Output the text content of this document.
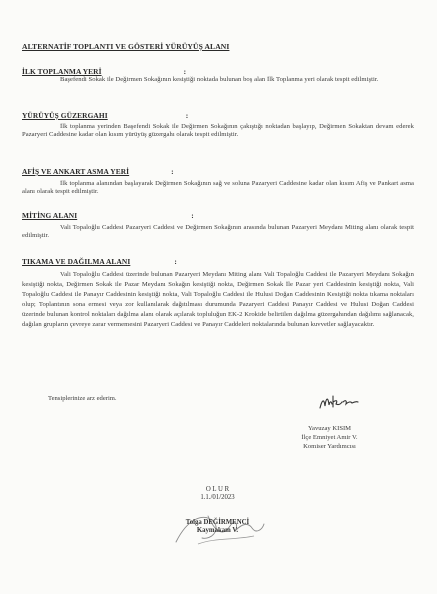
ALTERNATİF TOPLANTI VE GÖSTERİ YÜRÜYÜŞ ALANI
İLK TOPLANMA YERİ	:
Başefendi Sokak ile Değirmen Sokağının kesiştiği noktada bulunan boş alan İlk Toplanma yeri olarak tespit edilmiştir.
YÜRÜYÜŞ GÜZERGAHI	:
İlk toplanma yerinden Başefendi Sokak ile Değirmen Sokağının çakıştığı noktadan başlayıp, Değirmen Sokaktan devam ederek Pazaryeri Caddesine kadar olan kısım yürüyüş güzergahı olarak tespit edilmiştir.
AFİŞ VE ANKART ASMA YERİ	:
İlk toplanma alanından başlayarak Değirmen Sokağının sağ ve soluna Pazaryeri Caddesine kadar olan kısım Afiş ve Pankart asma alanı olarak tespit edilmiştir.
MİTİNG ALANI	:
Vali Topaloğlu Caddesi Pazaryeri Caddesi ve Değirmen Sokağının arasında bulunan Pazaryeri Meydanı Miting alanı olarak tespit edilmiştir.
TIKAMA VE DAĞILMA ALANI	:
Vali Topaloğlu Caddesi üzerinde bulunan Pazaryeri Meydanı Miting alanı Vali Topaloğlu Caddesi ile Pazaryeri Meydanı Sokağın kesiştiği nokta, Değirmen Sokak ile Pazar Meydanı Sokağın kesiştiği nokta, Değirmen Sokak İle Pazar yeri Caddesinin kesiştiği nokta, Vali Topaloğlu Caddesi ile Panayır Caddesinin kesiştiği nokta, Vali Topaloğlu Caddesi ile Hulusi Doğan Caddesinin Kesiştiği nokta tıkama noktaları olup; Toplantının sona ermesi veya zor kullanılarak dağıtılması durumunda Pazaryeri Caddesi Panayır Caddesi ve Hulusi Doğan Caddesi üzerinde bulunan kontrol noktaları dağılma alanı olarak açılarak topluluğun EK-2 Krokide belirtilen dağılma güzergahından dağılımı sağlanacak, dağılan grupların çevreye zarar vermemesini Pazaryeri Caddesi ve Panayır Caddeleri noktalarında bulunan kuvvetler sağlayacaktır.
Tensiplerinize arz ederim.
Yavuzay KISIM
İlçe Emniyet Amir V.
Komiser Yardımcısı
O L U R
1.1./01/2023
Tolga DEĞİRMENCİ
Kaymakam V.
